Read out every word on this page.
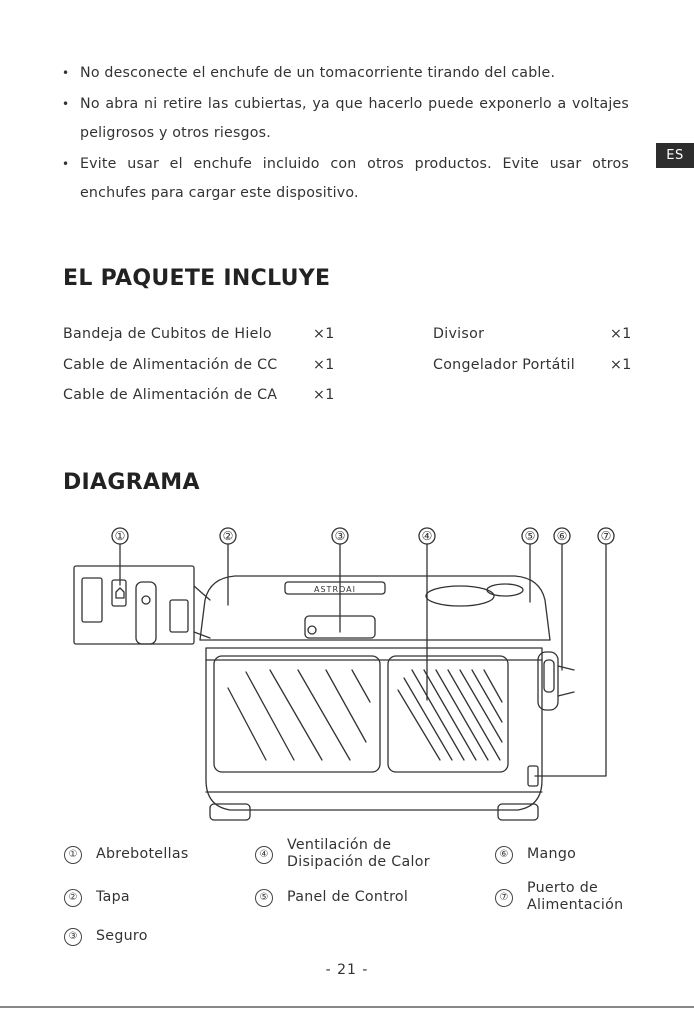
ES
• No desconecte el enchufe de un tomacorriente tirando del cable.
• No abra ni retire las cubiertas, ya que hacerlo puede exponerlo a voltajes peligrosos y otros riesgos.
• Evite usar el enchufe incluido con otros productos. Evite usar otros enchufes para cargar este dispositivo.
EL PAQUETE INCLUYE
Bandeja de Cubitos de Hielo	×1
Cable de Alimentación de CC	×1
Cable de Alimentación de CA	×1
Divisor	×1
Congelador Portátil ×1
DIAGRAMA
①	②	③	④	⑤ ⑥	⑦
ASTROAI
①	Abrebotellas
②	Tapa
③	Seguro
④
Ventilación de Disipación de Calor
⑤	Panel de Control
⑥	Mango
⑦
Puerto de Alimentación
- 21 -
